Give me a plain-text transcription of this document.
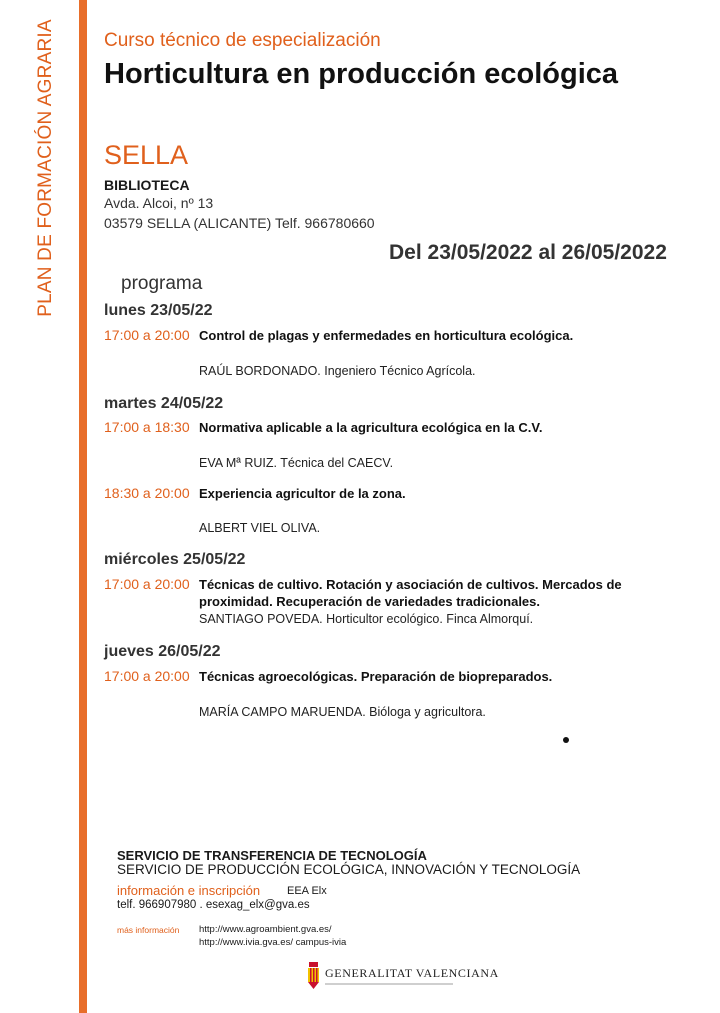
PLAN DE FORMACIÓN AGRARIA	Curso técnico de especialización
Horticultura en producción ecológica
SELLA
BIBLIOTECA
Avda. Alcoi, nº 13
03579 SELLA (ALICANTE) Telf. 966780660
Del 23/05/2022 al 26/05/2022
programa
lunes 23/05/22
17:00 a 20:00 Control de plagas y enfermedades en horticultura ecológica.
RAÚL BORDONADO. Ingeniero Técnico Agrícola.
martes 24/05/22
17:00 a 18:30 Normativa aplicable a la agricultura ecológica en la C.V.
EVA Mª RUIZ. Técnica del CAECV.
18:30 a 20:00 Experiencia agricultor de la zona.
ALBERT VIEL OLIVA.
miércoles 25/05/22
17:00 a 20:00 Técnicas de cultivo. Rotación y asociación de cultivos. Mercados de proximidad. Recuperación de variedades tradicionales.
SANTIAGO POVEDA. Horticultor ecológico. Finca Almorquí.
jueves 26/05/22
17:00 a 20:00 Técnicas agroecológicas. Preparación de biopreparados.
MARÍA CAMPO MARUENDA. Bióloga y agricultora.
SERVICIO DE TRANSFERENCIA DE TECNOLOGÍA
SERVICIO DE PRODUCCIÓN ECOLÓGICA, INNOVACIÓN Y TECNOLOGÍA
información e inscripción EEA Elx
telf. 966907980 . esexag_elx@gva.es
más información http://www.agroambient.gva.es/
http://www.ivia.gva.es/ campus-ivia
GENERALITAT VALENCIANA
